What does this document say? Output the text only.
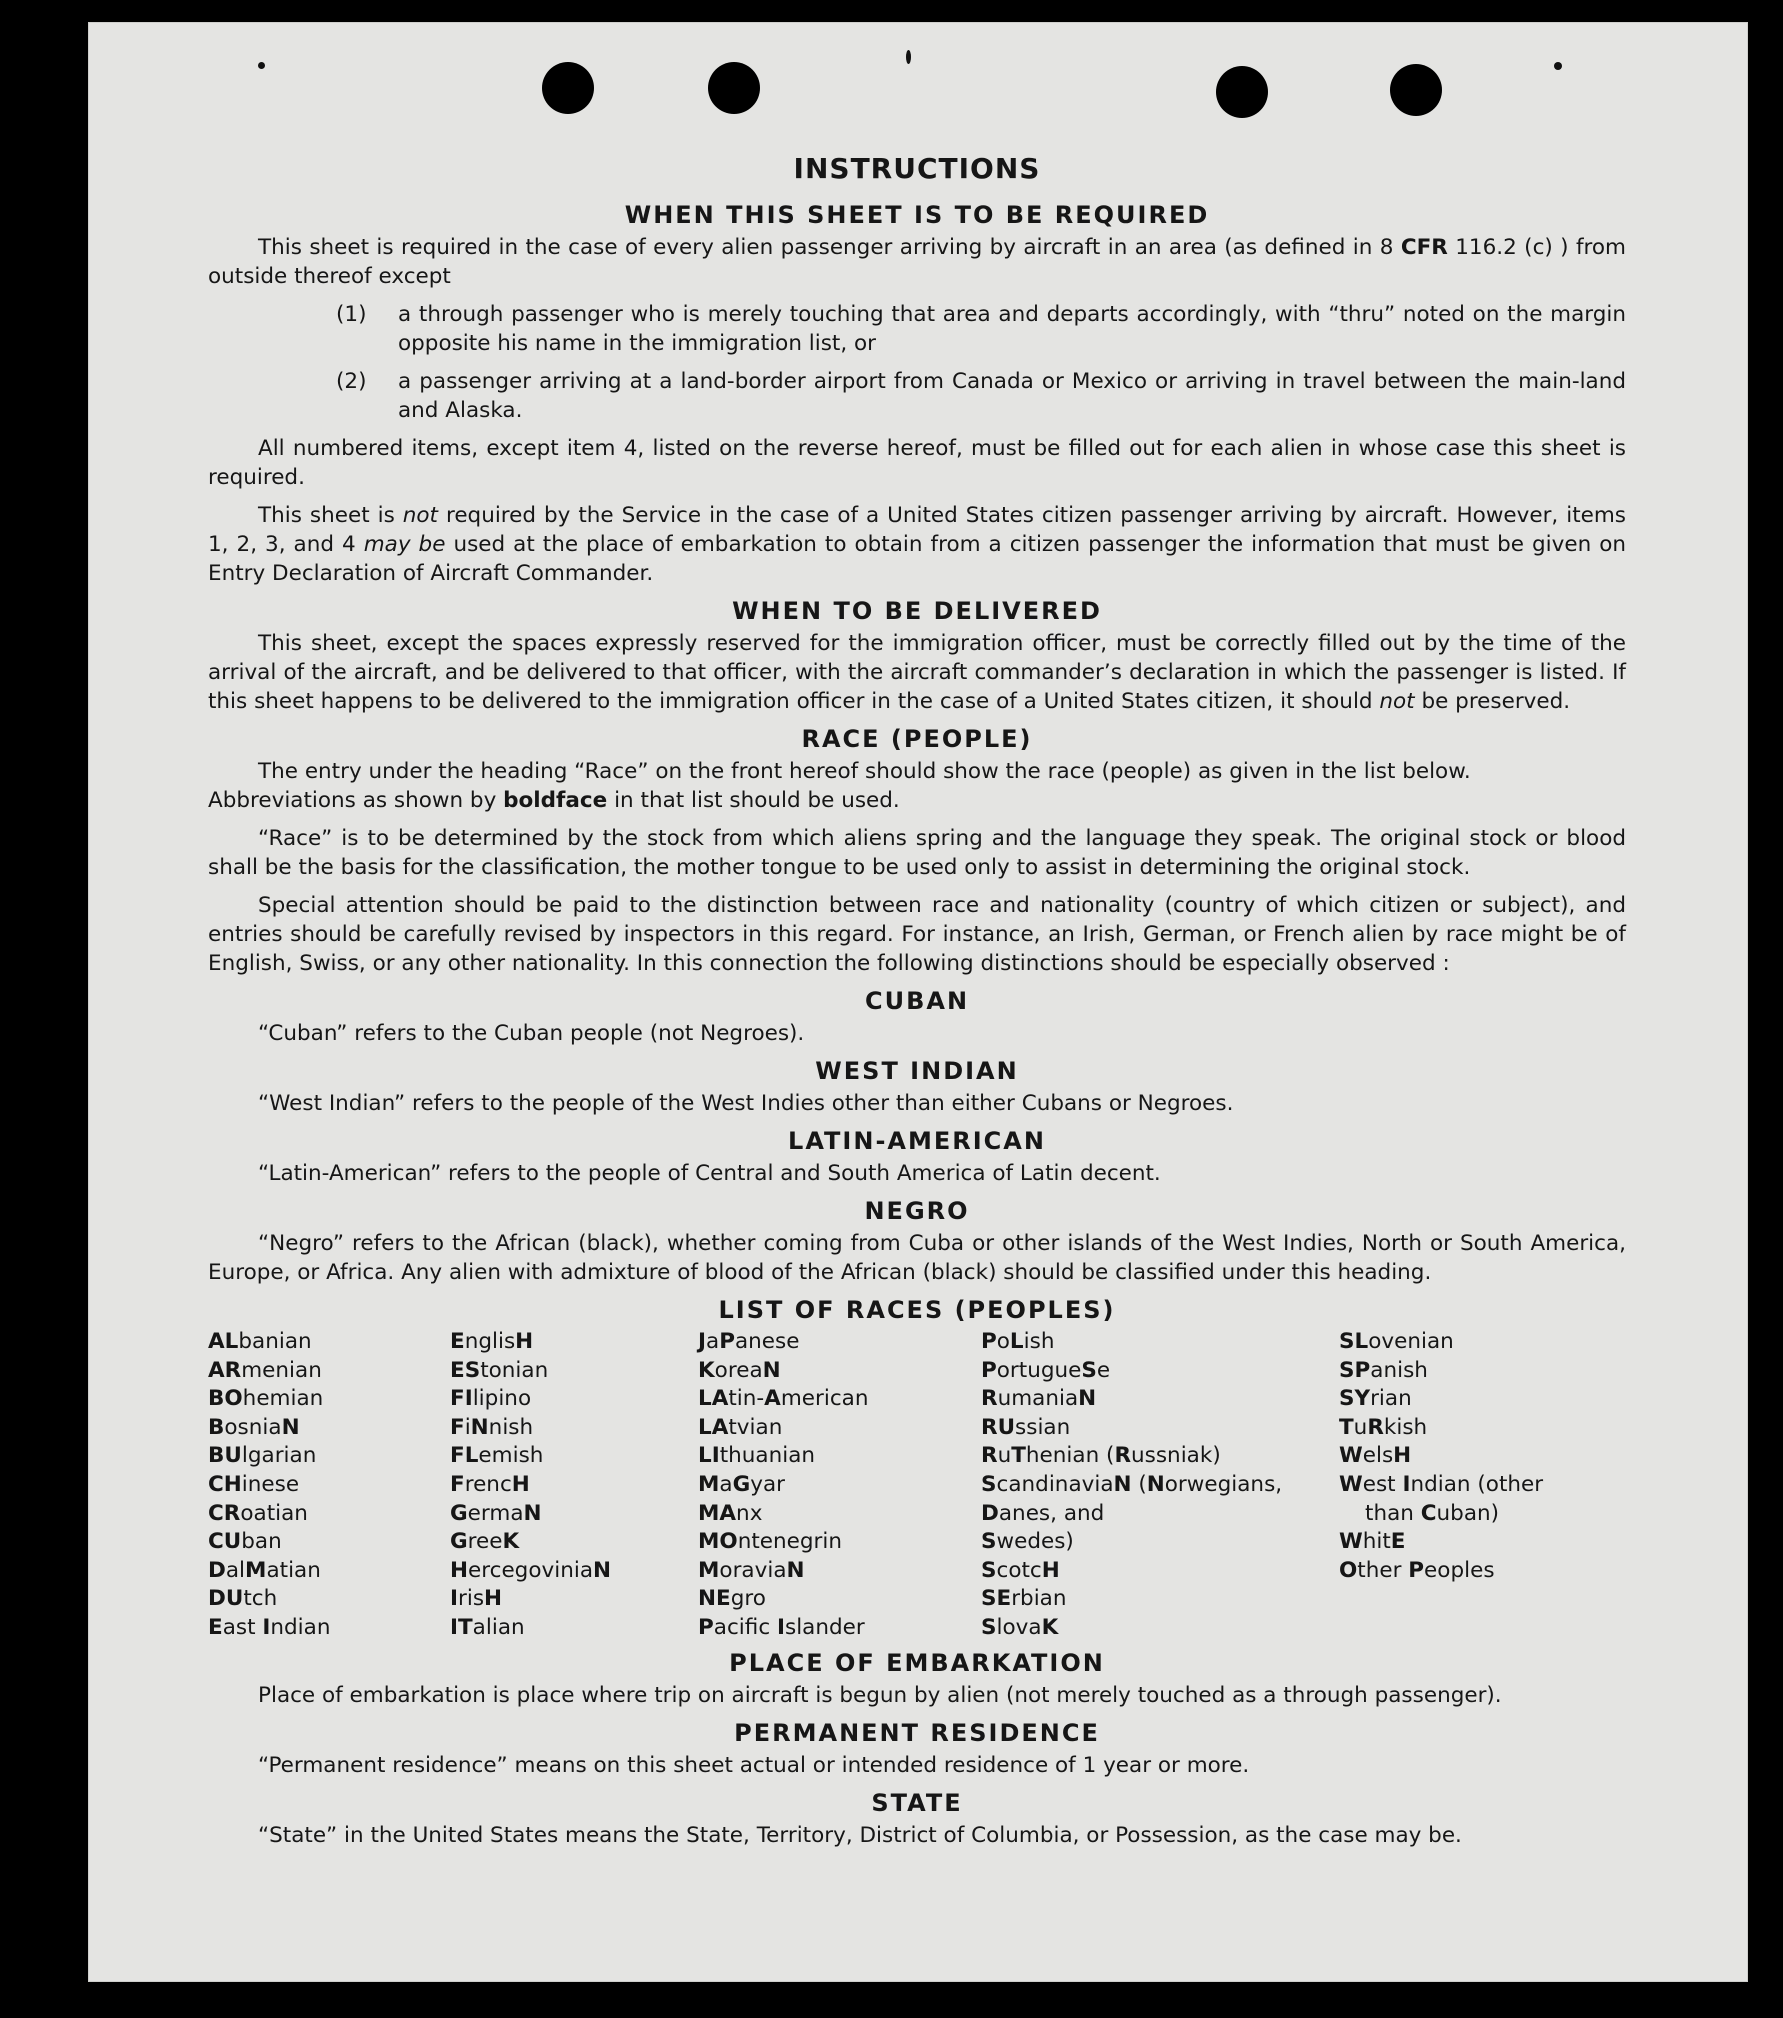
INSTRUCTIONS
WHEN THIS SHEET IS TO BE REQUIRED

This sheet is required in the case of every alien passenger arriving by aircraft in an area (as defined in 8 CFR 116.2 (c) ) from outside thereof except

(1)	a through passenger who is merely touching that area and departs accordingly, with “thru” noted on the margin opposite his name in the immigration list, or
(2)	a passenger arriving at a land-border airport from Canada or Mexico or arriving in travel between the main-land and Alaska.

All numbered items, except item 4, listed on the reverse hereof, must be filled out for each alien in whose case this sheet is required.

This sheet is not required by the Service in the case of a United States citizen passenger arriving by aircraft. However, items 1, 2, 3, and 4 may be used at the place of embarkation to obtain from a citizen passenger the information that must be given on Entry Declaration of Aircraft Commander.

WHEN TO BE DELIVERED

This sheet, except the spaces expressly reserved for the immigration officer, must be correctly filled out by the time of the arrival of the aircraft, and be delivered to that officer, with the aircraft commander’s declaration in which the passenger is listed. If this sheet happens to be delivered to the immigration officer in the case of a United States citizen, it should not be preserved.

RACE (PEOPLE)

The entry under the heading “Race” on the front hereof should show the race (people) as given in the list below.

Abbreviations as shown by boldface in that list should be used.

“Race” is to be determined by the stock from which aliens spring and the language they speak. The original stock or blood shall be the basis for the classification, the mother tongue to be used only to assist in determining the original stock.

Special attention should be paid to the distinction between race and nationality (country of which citizen or subject), and entries should be carefully revised by inspectors in this regard. For instance, an Irish, German, or French alien by race might be of English, Swiss, or any other nationality. In this connection the following distinctions should be especially observed :

CUBAN

“Cuban” refers to the Cuban people (not Negroes).

WEST INDIAN

“West Indian” refers to the people of the West Indies other than either Cubans or Negroes.

LATIN-AMERICAN

“Latin-American” refers to the people of Central and South America of Latin decent.

NEGRO

“Negro” refers to the African (black), whether coming from Cuba or other islands of the West Indies, North or South America, Europe, or Africa. Any alien with admixture of blood of the African (black) should be classified under this heading.

LIST OF RACES (PEOPLES)
ALbanian
ARmenian
BOhemian
BosniaN
BUlgarian
CHinese
CRoatian
CUban
DalMatian
DUtch
East Indian
EnglisH
EStonian
FIlipino
FiNnish
FLemish
FrencH
GermaN
GreeK
HercegoviniaN
IrisH
ITalian
JaPanese
KoreaN
LAtin-American
LAtvian
LIthuanian
MaGyar
MAnx
MOntenegrin
MoraviaN
NEgro
Pacifc Islander
PoLish
PortugueSe
RumaniaN
RUssian
RuThenian (Russniak)
ScandinaviaN (Norwegians,
Danes, and
Swedes)
ScotcH
SErbian
SlovaK
SLovenian
SPanish
SYrian
TuRkish
WelsH
West Indian (other
than Cuban)
WhitE
Other Peoples
PLACE OF EMBARKATION

Place of embarkation is place where trip on aircraft is begun by alien (not merely touched as a through passenger).

PERMANENT RESIDENCE

“Permanent residence” means on this sheet actual or intended residence of 1 year or more.

STATE

“State” in the United States means the State, Territory, District of Columbia, or Possession, as the case may be.
